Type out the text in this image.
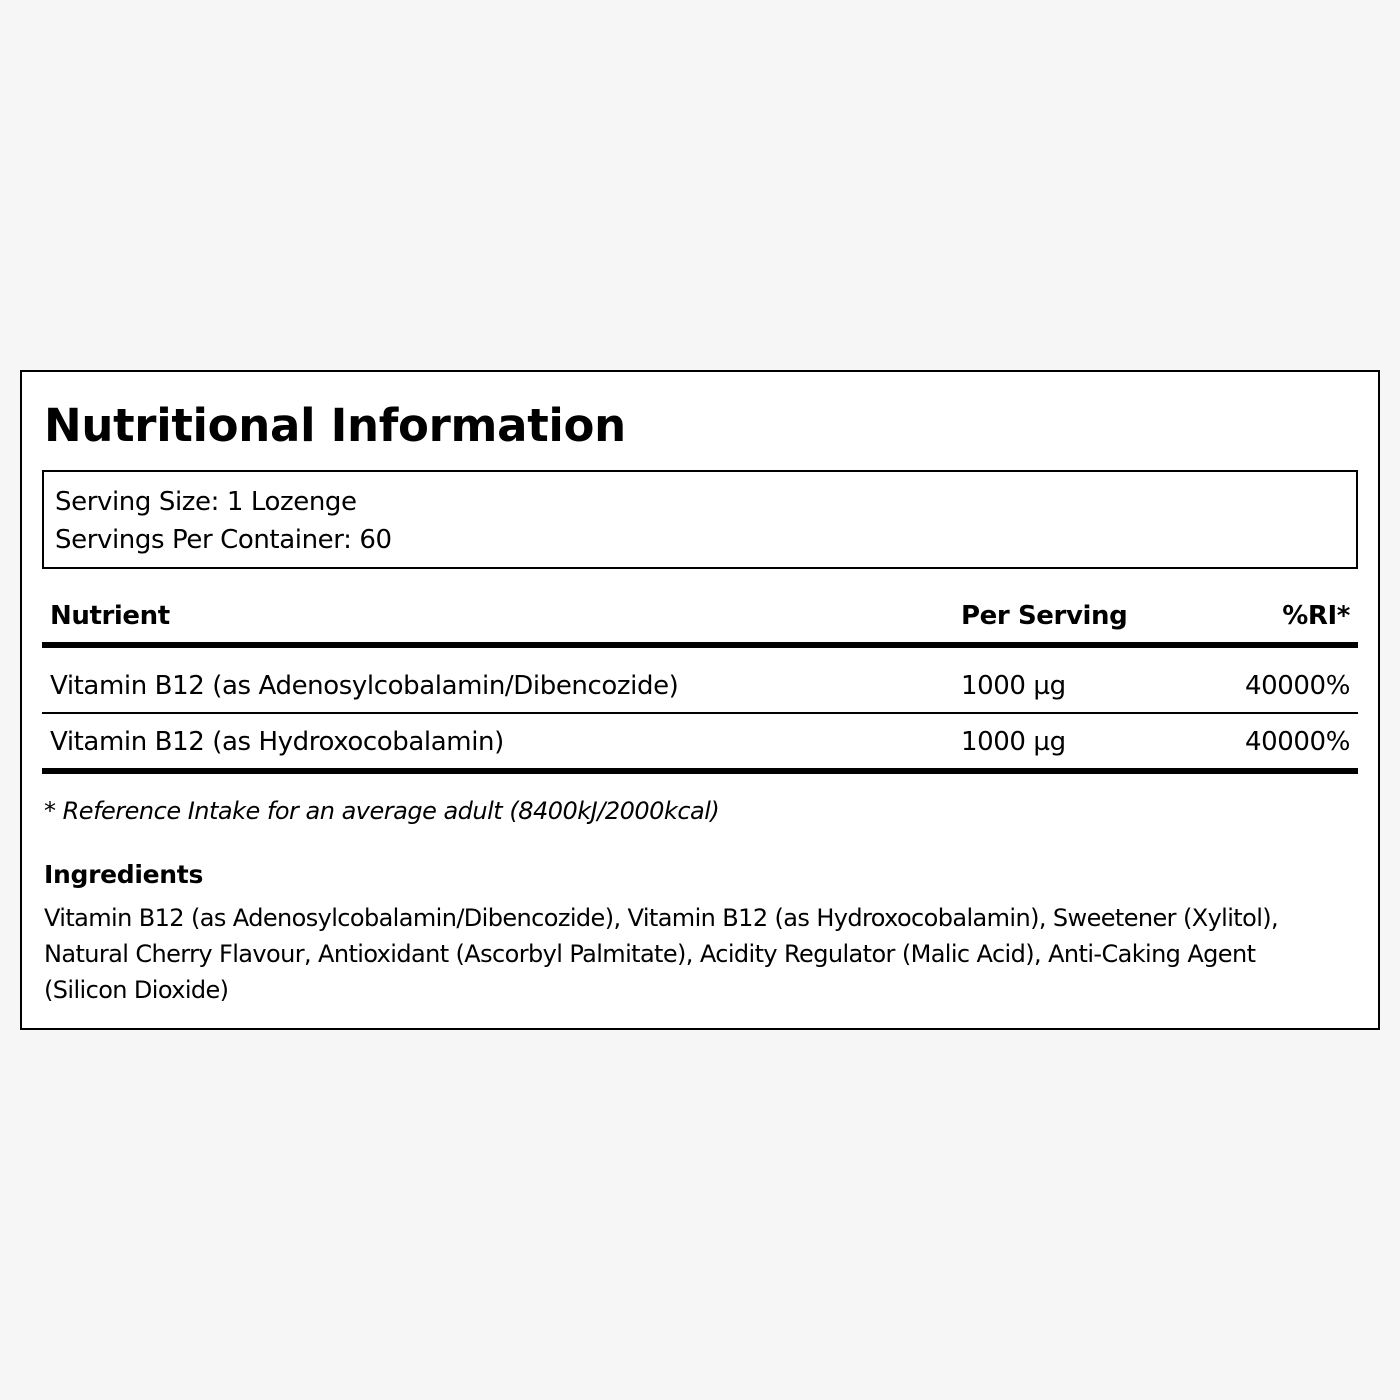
Nutritional Information
Serving Size: 1 Lozenge
Servings Per Container: 60
Nutrient	Per Serving	%RI*
Vitamin B12 (as Adenosylcobalamin/Dibencozide)	1000 µg	40000%
Vitamin B12 (as Hydroxocobalamin)	1000 µg	40000%
* Reference Intake for an average adult (8400kJ/2000kcal)
Ingredients

Vitamin B12 (as Adenosylcobalamin/Dibencozide), Vitamin B12 (as Hydroxocobalamin), Sweetener (Xylitol), Natural Cherry Flavour, Antioxidant (Ascorbyl Palmitate), Acidity Regulator (Malic Acid), Anti-Caking Agent (Silicon Dioxide)
